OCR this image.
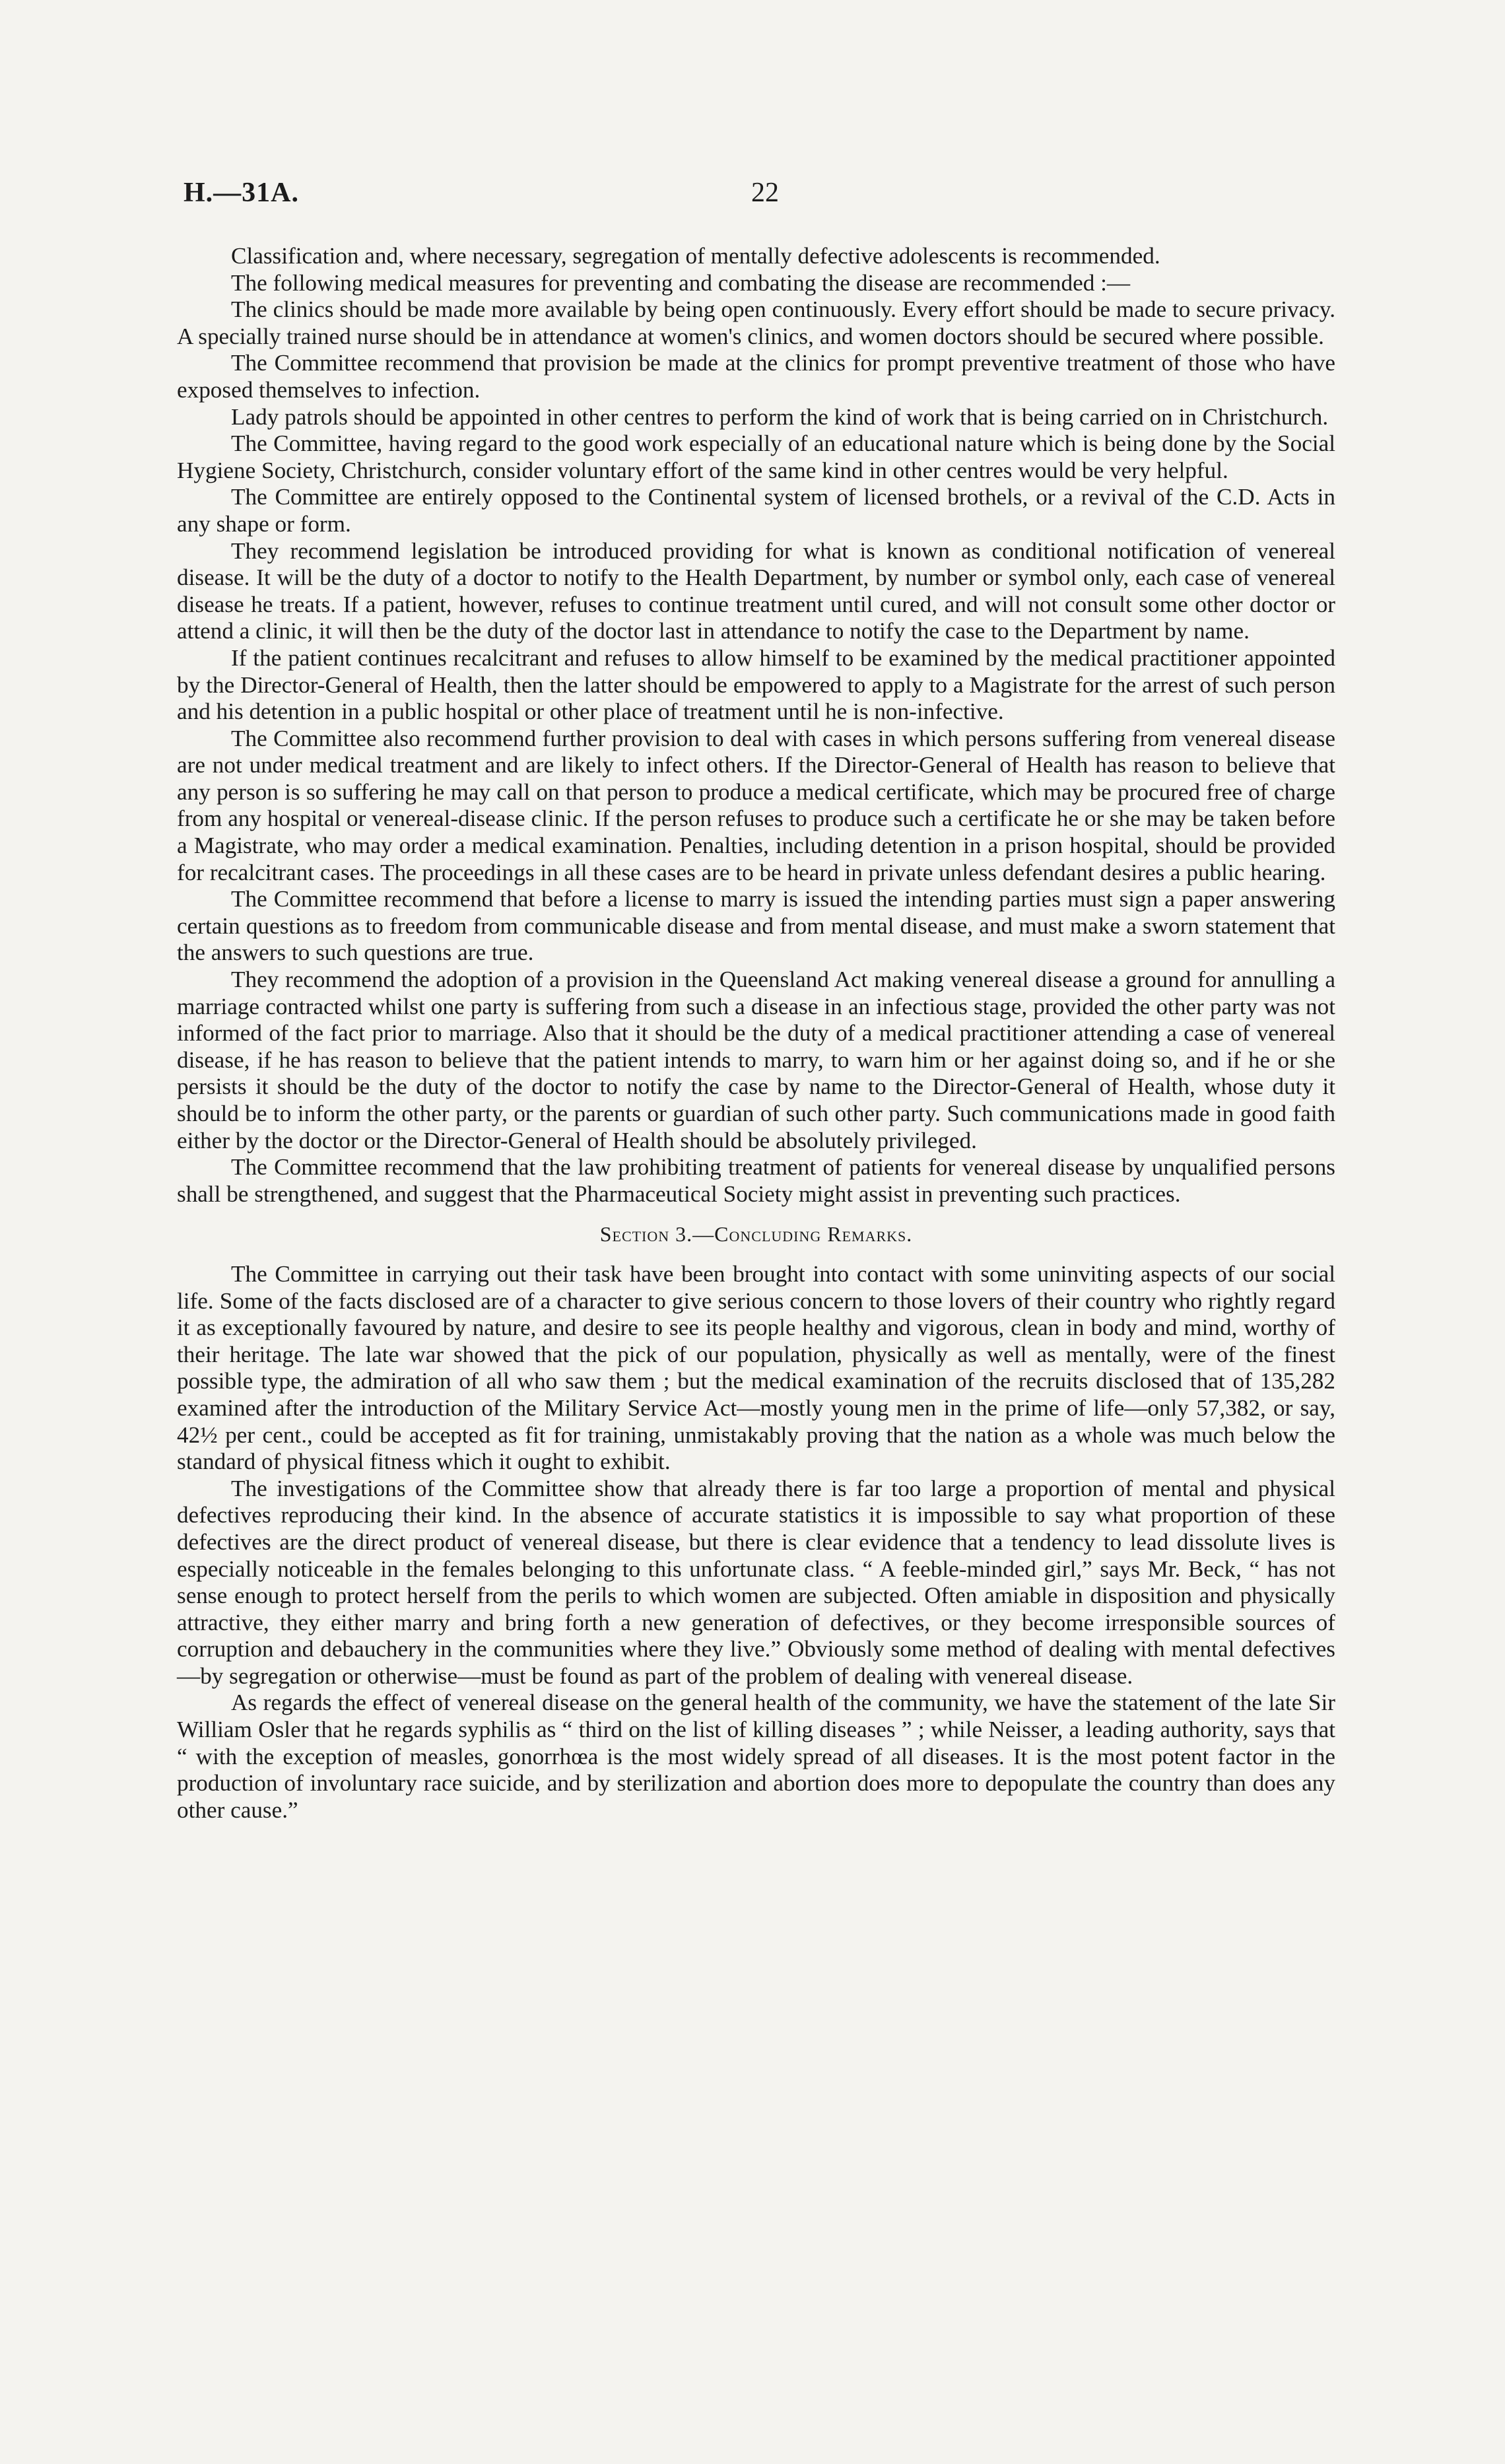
H.—31A.	22

Classification and, where necessary, segregation of mentally defective adolescents is recommended.

The following medical measures for preventing and combating the disease are recommended :—

The clinics should be made more available by being open continuously. Every effort should be made to secure privacy. A specially trained nurse should be in attendance at women's clinics, and women doctors should be secured where possible.

The Committee recommend that provision be made at the clinics for prompt preventive treatment of those who have exposed themselves to infection.

Lady patrols should be appointed in other centres to perform the kind of work that is being carried on in Christchurch.

The Committee, having regard to the good work especially of an educational nature which is being done by the Social Hygiene Society, Christchurch, consider voluntary effort of the same kind in other centres would be very helpful.

The Committee are entirely opposed to the Continental system of licensed brothels, or a revival of the C.D. Acts in any shape or form.

They recommend legislation be introduced providing for what is known as conditional notification of venereal disease. It will be the duty of a doctor to notify to the Health Department, by number or symbol only, each case of venereal disease he treats. If a patient, however, refuses to continue treatment until cured, and will not consult some other doctor or attend a clinic, it will then be the duty of the doctor last in attendance to notify the case to the Department by name.

If the patient continues recalcitrant and refuses to allow himself to be examined by the medical practitioner appointed by the Director-General of Health, then the latter should be empowered to apply to a Magistrate for the arrest of such person and his detention in a public hospital or other place of treatment until he is non-infective.

The Committee also recommend further provision to deal with cases in which persons suffering from venereal disease are not under medical treatment and are likely to infect others. If the Director-General of Health has reason to believe that any person is so suffering he may call on that person to produce a medical certificate, which may be procured free of charge from any hospital or venereal-disease clinic. If the person refuses to produce such a certificate he or she may be taken before a Magistrate, who may order a medical examination. Penalties, including detention in a prison hospital, should be provided for recalcitrant cases. The proceedings in all these cases are to be heard in private unless defendant desires a public hearing.

The Committee recommend that before a license to marry is issued the intending parties must sign a paper answering certain questions as to freedom from communicable disease and from mental disease, and must make a sworn statement that the answers to such questions are true.

They recommend the adoption of a provision in the Queensland Act making venereal disease a ground for annulling a marriage contracted whilst one party is suffering from such a disease in an infectious stage, provided the other party was not informed of the fact prior to marriage. Also that it should be the duty of a medical practitioner attending a case of venereal disease, if he has reason to believe that the patient intends to marry, to warn him or her against doing so, and if he or she persists it should be the duty of the doctor to notify the case by name to the Director-General of Health, whose duty it should be to inform the other party, or the parents or guardian of such other party. Such communications made in good faith either by the doctor or the Director-General of Health should be absolutely privileged.

The Committee recommend that the law prohibiting treatment of patients for venereal disease by unqualified persons shall be strengthened, and suggest that the Pharmaceutical Society might assist in preventing such practices.

Section 3.—Concluding Remarks.

The Committee in carrying out their task have been brought into contact with some uninviting aspects of our social life. Some of the facts disclosed are of a character to give serious concern to those lovers of their country who rightly regard it as exceptionally favoured by nature, and desire to see its people healthy and vigorous, clean in body and mind, worthy of their heritage. The late war showed that the pick of our population, physically as well as mentally, were of the finest possible type, the admiration of all who saw them ; but the medical examination of the recruits disclosed that of 135,282 examined after the introduction of the Military Service Act—mostly young men in the prime of life—only 57,382, or say, 42½ per cent., could be accepted as fit for training, unmistakably proving that the nation as a whole was much below the standard of physical fitness which it ought to exhibit.

The investigations of the Committee show that already there is far too large a proportion of mental and physical defectives reproducing their kind. In the absence of accurate statistics it is impossible to say what proportion of these defectives are the direct product of venereal disease, but there is clear evidence that a tendency to lead dissolute lives is especially noticeable in the females belonging to this unfortunate class. “ A feeble-minded girl,” says Mr. Beck, “ has not sense enough to protect herself from the perils to which women are subjected. Often amiable in disposition and physically attractive, they either marry and bring forth a new generation of defectives, or they become irresponsible sources of corruption and debauchery in the communities where they live.” Obviously some method of dealing with mental defectives—by segregation or otherwise—must be found as part of the problem of dealing with venereal disease.

As regards the effect of venereal disease on the general health of the community, we have the statement of the late Sir William Osler that he regards syphilis as “ third on the list of killing diseases ” ; while Neisser, a leading authority, says that “ with the exception of measles, gonorrhœa is the most widely spread of all diseases. It is the most potent factor in the production of involuntary race suicide, and by sterilization and abortion does more to depopulate the country than does any other cause.”
